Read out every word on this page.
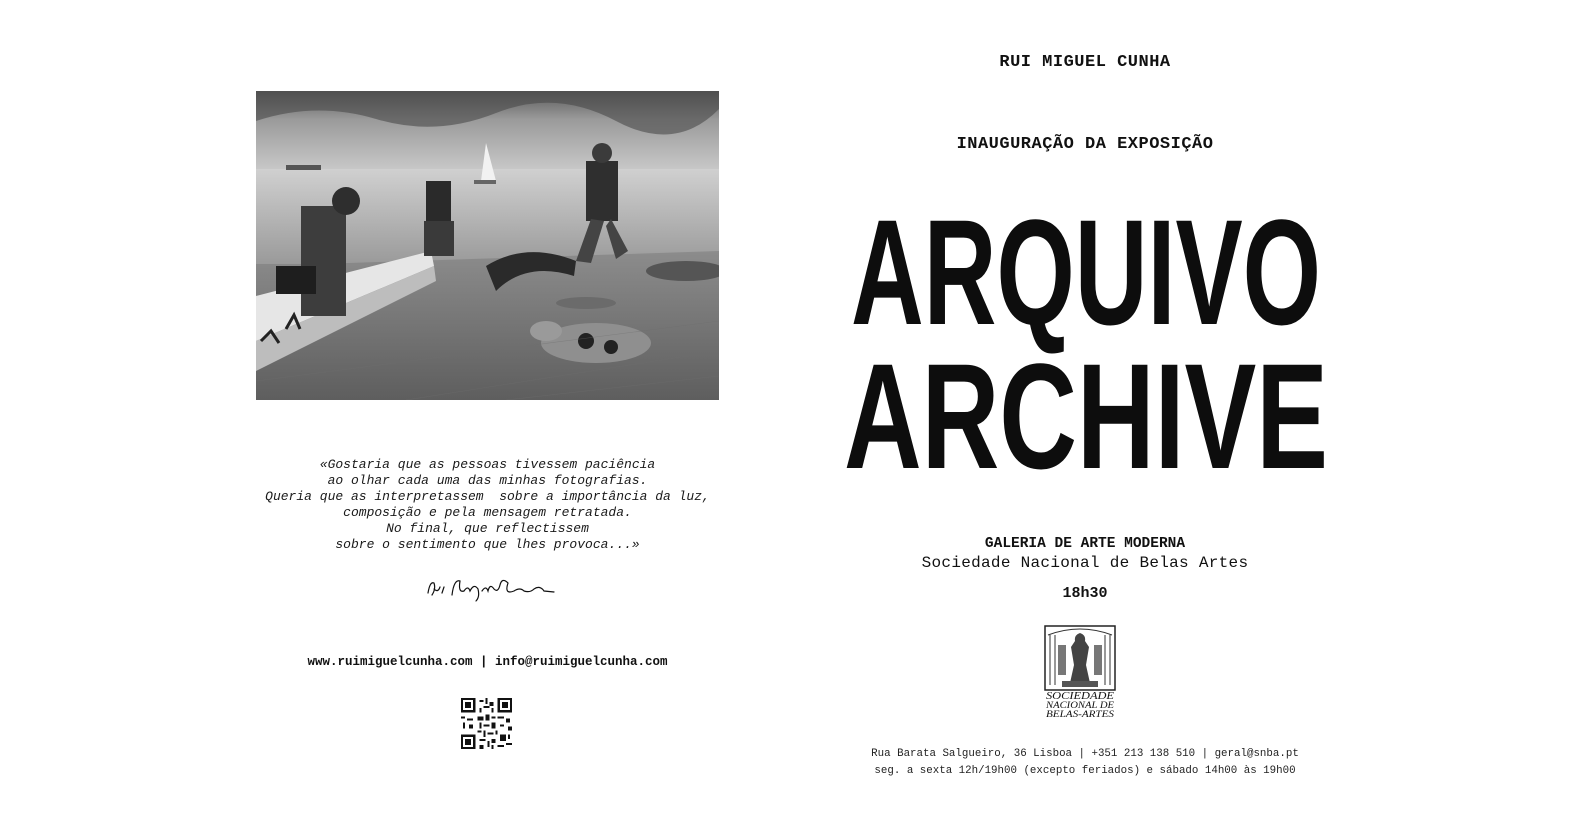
«Gostaria que as pessoas tivessem paciência
ao olhar cada uma das minhas fotografias.
Queria que as interpretassem  sobre a importância da luz,
composição e pela mensagem retratada.
No final, que reflectissem
sobre o sentimento que lhes provoca...»
www.ruimiguelcunha.com | info@ruimiguelcunha.com
RUI MIGUEL CUNHA
INAUGURAÇÃO DA EXPOSIÇÃO
ARQUIVO
ARCHIVE
GALERIA DE ARTE MODERNA
Sociedade Nacional de Belas Artes
18h30
SOCIEDADE
NACIONAL DE
BELAS-ARTES
Rua Barata Salgueiro, 36 Lisboa | +351 213 138 510 | geral@snba.pt
seg. a sexta 12h/19h00 (excepto feriados) e sábado 14h00 às 19h00
